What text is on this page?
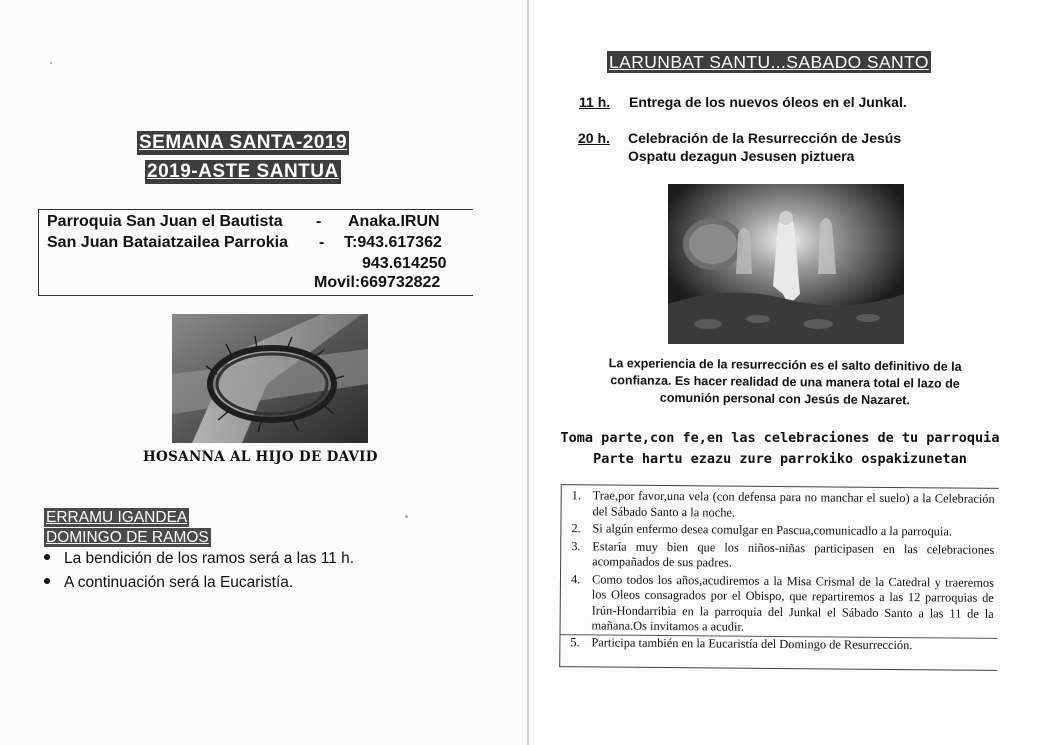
SEMANA SANTA-2019
2019-ASTE SANTUA
Parroquia San Juan el Bautista - Anaka.IRUN
San Juan Bataiatzailea Parrokia - T:943.617362
943.614250
Movil:669732822
HOSANNA AL HIJO DE DAVID
ERRAMU IGANDEA
DOMINGO DE RAMOS
La bendición de los ramos será a las 11 h.
A continuación será la Eucaristía.
LARUNBAT SANTU...SABADO SANTO
11 h. Entrega de los nuevos óleos en el Junkal.
20 h. Celebración de la Resurrección de Jesús
Ospatu dezagun Jesusen piztuera
La experiencia de la resurrección es el salto definitivo de la confianza. Es hacer realidad de una manera total el lazo de comunión personal con Jesús de Nazaret.
Toma parte,con fe,en las celebraciones de tu parroquia
Parte hartu ezazu zure parrokiko ospakizunetan
1. Trae,por favor,una vela (con defensa para no manchar el suelo) a la Celebración del Sábado Santo a la noche.
2. Si algún enfermo desea comulgar en Pascua,comunicadlo a la parroquia.
3. Estaría muy bien que los niños-niñas participasen en las celebraciones acompañados de sus padres.
4. Como todos los años,acudiremos a la Misa Crismal de la Catedral y traeremos los Oleos consagrados por el Obispo, que repartiremos a las 12 parroquias de Irún-Hondarribia en la parroquia del Junkal el Sábado Santo a las 11 de la mañana.Os invitamos a acudir.
5. Participa también en la Eucaristía del Domingo de Resurrección.
